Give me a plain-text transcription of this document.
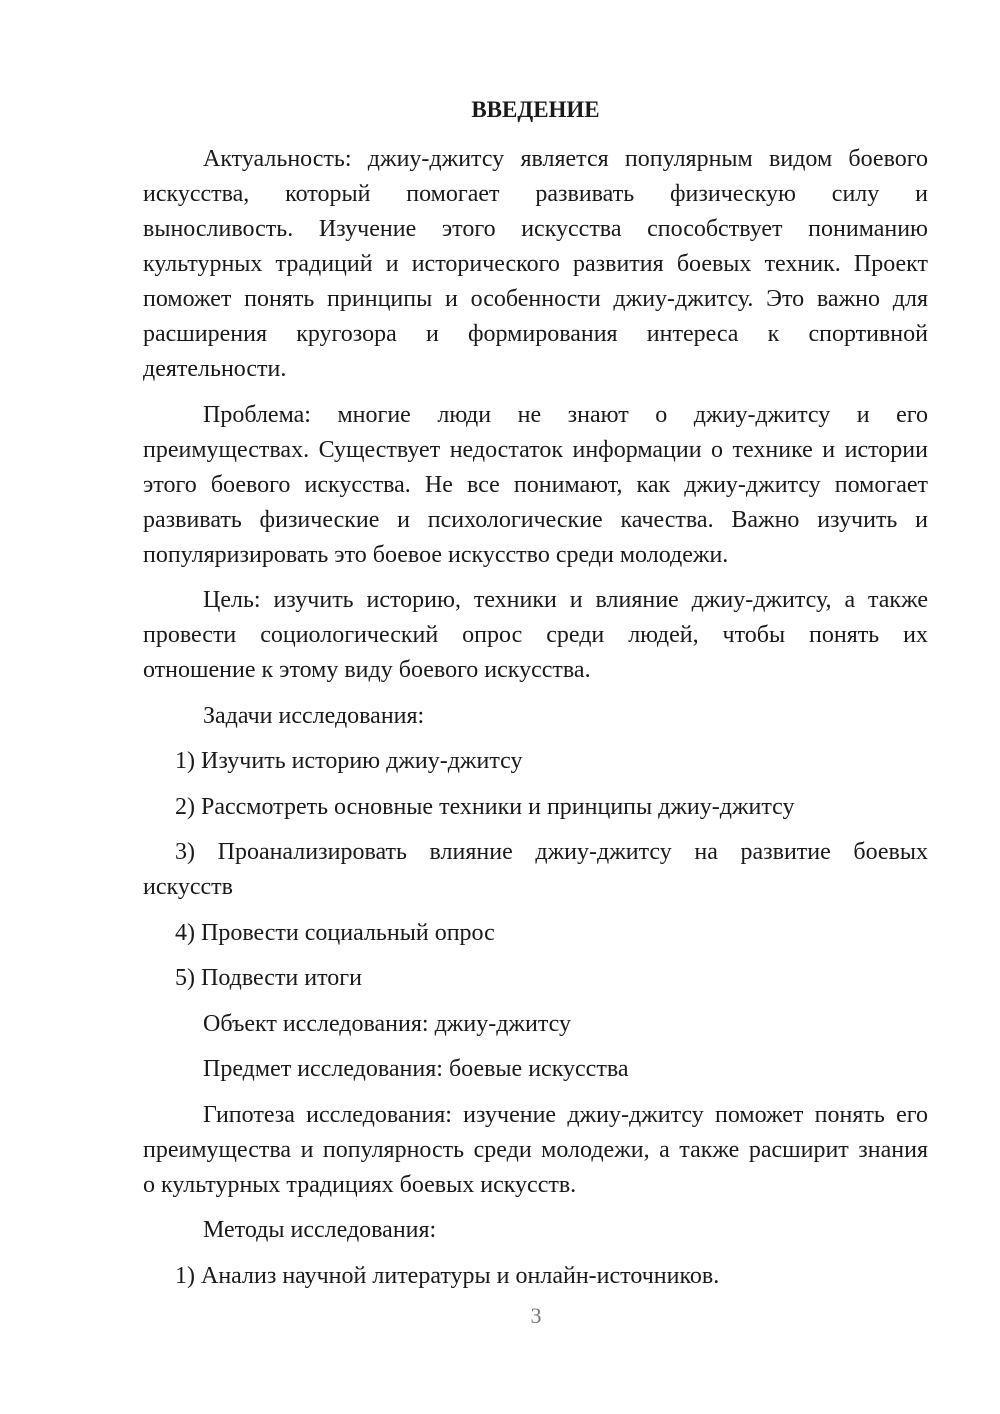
ВВЕДЕНИЕ
Актуальность: джиу-джитсу является популярным видом боевого
искусства, который помогает развивать физическую силу и
выносливость. Изучение этого искусства способствует пониманию
культурных традиций и исторического развития боевых техник. Проект
поможет понять принципы и особенности джиу-джитсу. Это важно для
расширения кругозора и формирования интереса к спортивной
деятельности.
Проблема: многие люди не знают о джиу-джитсу и его
преимуществах. Существует недостаток информации о технике и истории
этого боевого искусства. Не все понимают, как джиу-джитсу помогает
развивать физические и психологические качества. Важно изучить и
популяризировать это боевое искусство среди молодежи.
Цель: изучить историю, техники и влияние джиу-джитсу, а также
провести социологический опрос среди людей, чтобы понять их
отношение к этому виду боевого искусства.
Задачи исследования:
1) Изучить историю джиу-джитсу
2) Рассмотреть основные техники и принципы джиу-джитсу
3) Проанализировать влияние джиу-джитсу на развитие боевых
искусств
4) Провести социальный опрос
5) Подвести итоги
Объект исследования: джиу-джитсу
Предмет исследования: боевые искусства
Гипотеза исследования: изучение джиу-джитсу поможет понять его
преимущества и популярность среди молодежи, а также расширит знания
о культурных традициях боевых искусств.
Методы исследования:
1) Анализ научной литературы и онлайн-источников.
3
